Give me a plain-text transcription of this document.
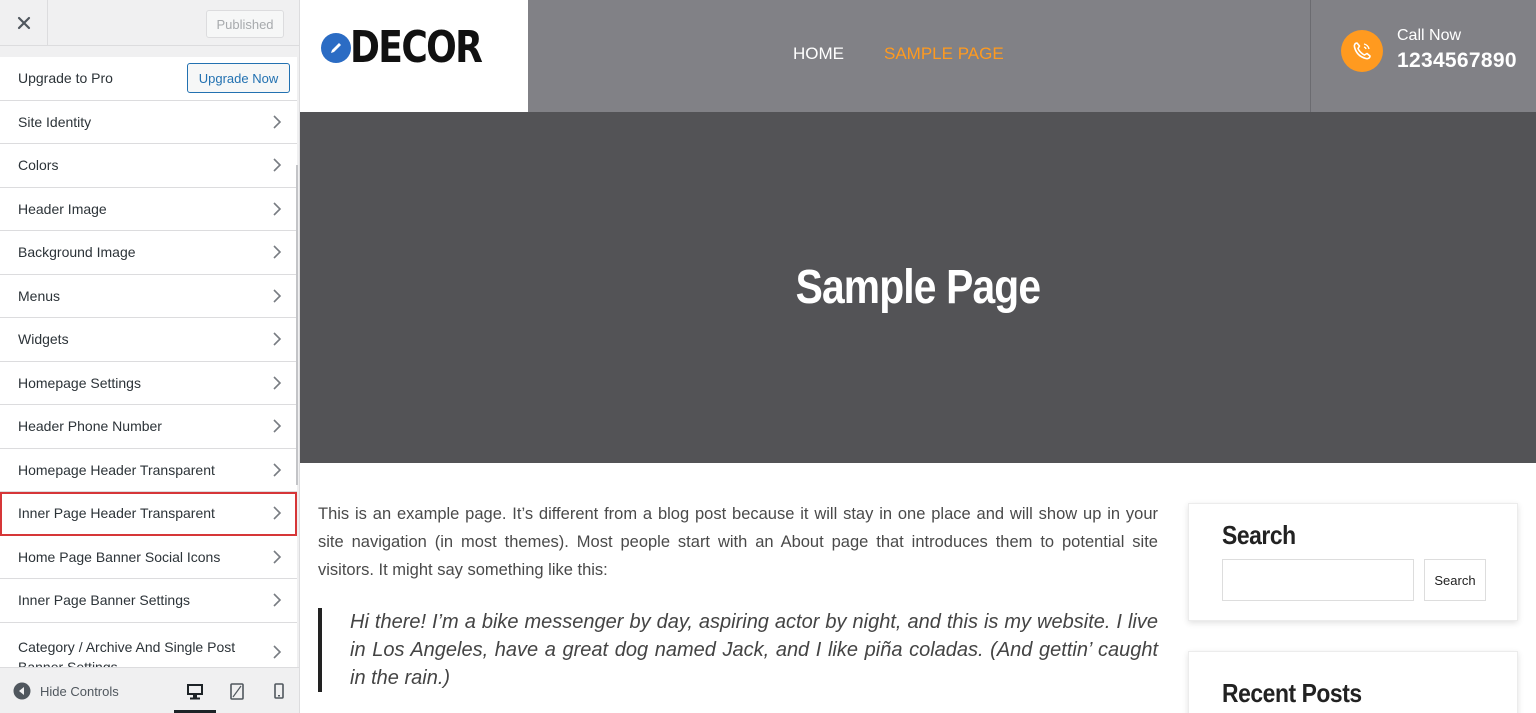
Published
Upgrade to Pro	Upgrade Now
Site Identity
Colors
Header Image
Background Image
Menus
Widgets
Homepage Settings
Header Phone Number
Homepage Header Transparent
Inner Page Header Transparent
Home Page Banner Social Icons
Inner Page Banner Settings
Category / Archive And Single Post
Hide Controls
DECOR	HOME SAMPLE PAGE
Call Now
1234567890
Sample Page

This is an example page. It’s different from a blog post because it will stay in one place and will show up in your site navigation (in most themes). Most people start with an About page that introduces them to potential site visitors. It might say something like this:

Hi there! I’m a bike messenger by day, aspiring actor by night, and this is my website. I live in Los Angeles, have a great dog named Jack, and I like piña coladas. (And gettin’ caught in the rain.)

Search
Search
Recent Posts
